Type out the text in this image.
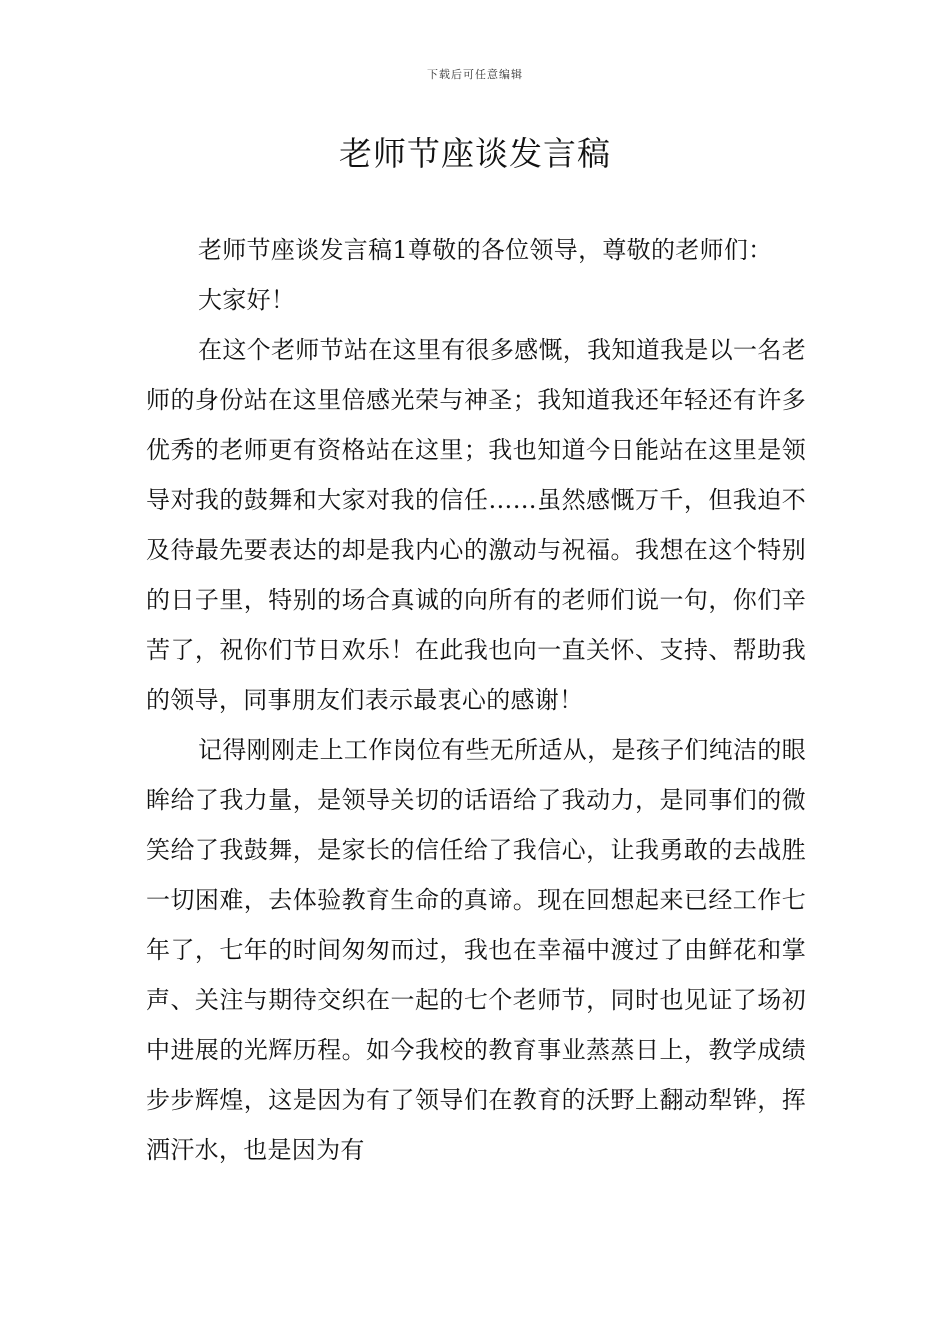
下载后可任意编辑
老师节座谈发言稿

老师节座谈发言稿1尊敬的各位领导，尊敬的老师们：

大家好！

在这个老师节站在这里有很多感慨，我知道我是以一名老师的身份站在这里倍感光荣与神圣；我知道我还年轻还有许多优秀的老师更有资格站在这里；我也知道今日能站在这里是领导对我的鼓舞和大家对我的信任……虽然感慨万千，但我迫不及待最先要表达的却是我内心的激动与祝福。我想在这个特别的日子里，特别的场合真诚的向所有的老师们说一句，你们辛苦了，祝你们节日欢乐！在此我也向一直关怀、支持、帮助我的领导，同事朋友们表示最衷心的感谢！

记得刚刚走上工作岗位有些无所适从，是孩子们纯洁的眼眸给了我力量，是领导关切的话语给了我动力，是同事们的微笑给了我鼓舞，是家长的信任给了我信心，让我勇敢的去战胜一切困难，去体验教育生命的真谛。现在回想起来已经工作七年了，七年的时间匆匆而过，我也在幸福中渡过了由鲜花和掌声、关注与期待交织在一起的七个老师节，同时也见证了场初中进展的光辉历程。如今我校的教育事业蒸蒸日上，教学成绩步步辉煌，这是因为有了领导们在教育的沃野上翻动犁铧，挥洒汗水，也是因为有
